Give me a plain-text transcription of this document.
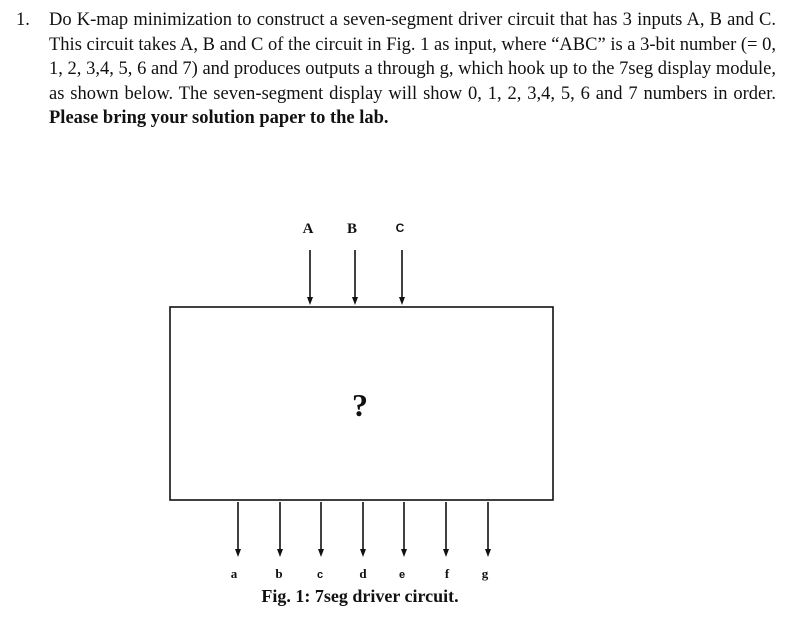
1. Do K-map minimization to construct a seven-segment driver circuit that has 3 inputs A, B and C. This circuit takes A, B and C of the circuit in Fig. 1 as input, where “ABC” is a 3-bit number (= 0, 1, 2, 3,4, 5, 6 and 7) and produces outputs a through g, which hook up to the 7seg display module, as shown below. The seven-segment display will show 0, 1, 2, 3,4, 5, 6 and 7 numbers in order. Please bring your solution paper to the lab.
A B	C
?
a	b	c	d	e	f	g
Fig. 1: 7seg driver circuit.
